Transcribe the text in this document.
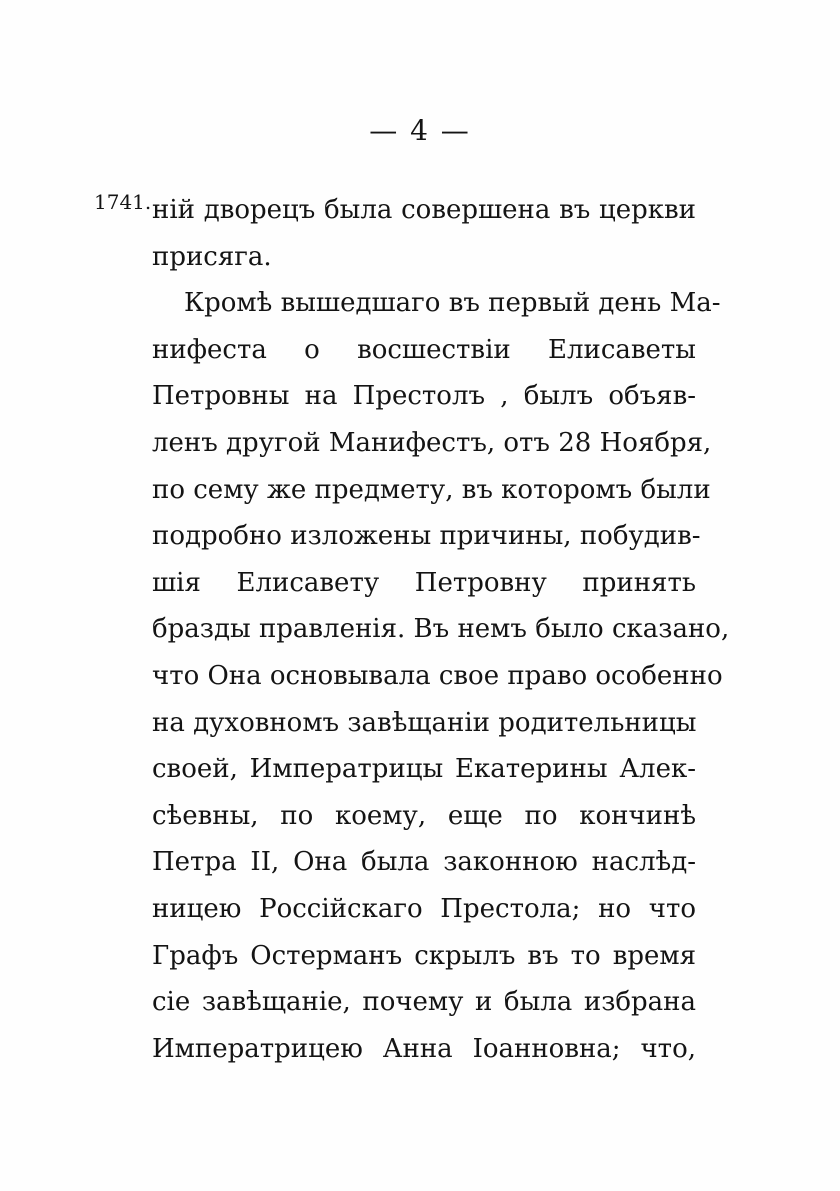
— 4 —
1741. ній дворецъ была совершена въ церкви
присяга.
Кромѣ вышедшаго въ первый день Ма-
нифеста о восшествіи Елисаветы
Петровны на Престолъ , былъ объяв-
ленъ другой Манифестъ, отъ 28 Ноября,
по сему же предмету, въ которомъ были
подробно изложены причины, побудив-
шія Елисавету Петровну принять
бразды правленія. Въ немъ было сказано,
что Она основывала свое право особенно
на духовномъ завѣщаніи родительницы
своей, Императрицы Екатерины Алек-
сѣевны, по коему, еще по кончинѣ
Петра II, Она была законною наслѣд-
ницею Россійскаго Престола; но что
Графъ Остерманъ скрылъ въ то время
сіе завѣщаніе, почему и была избрана
Императрицею Анна Іоанновна; что,
